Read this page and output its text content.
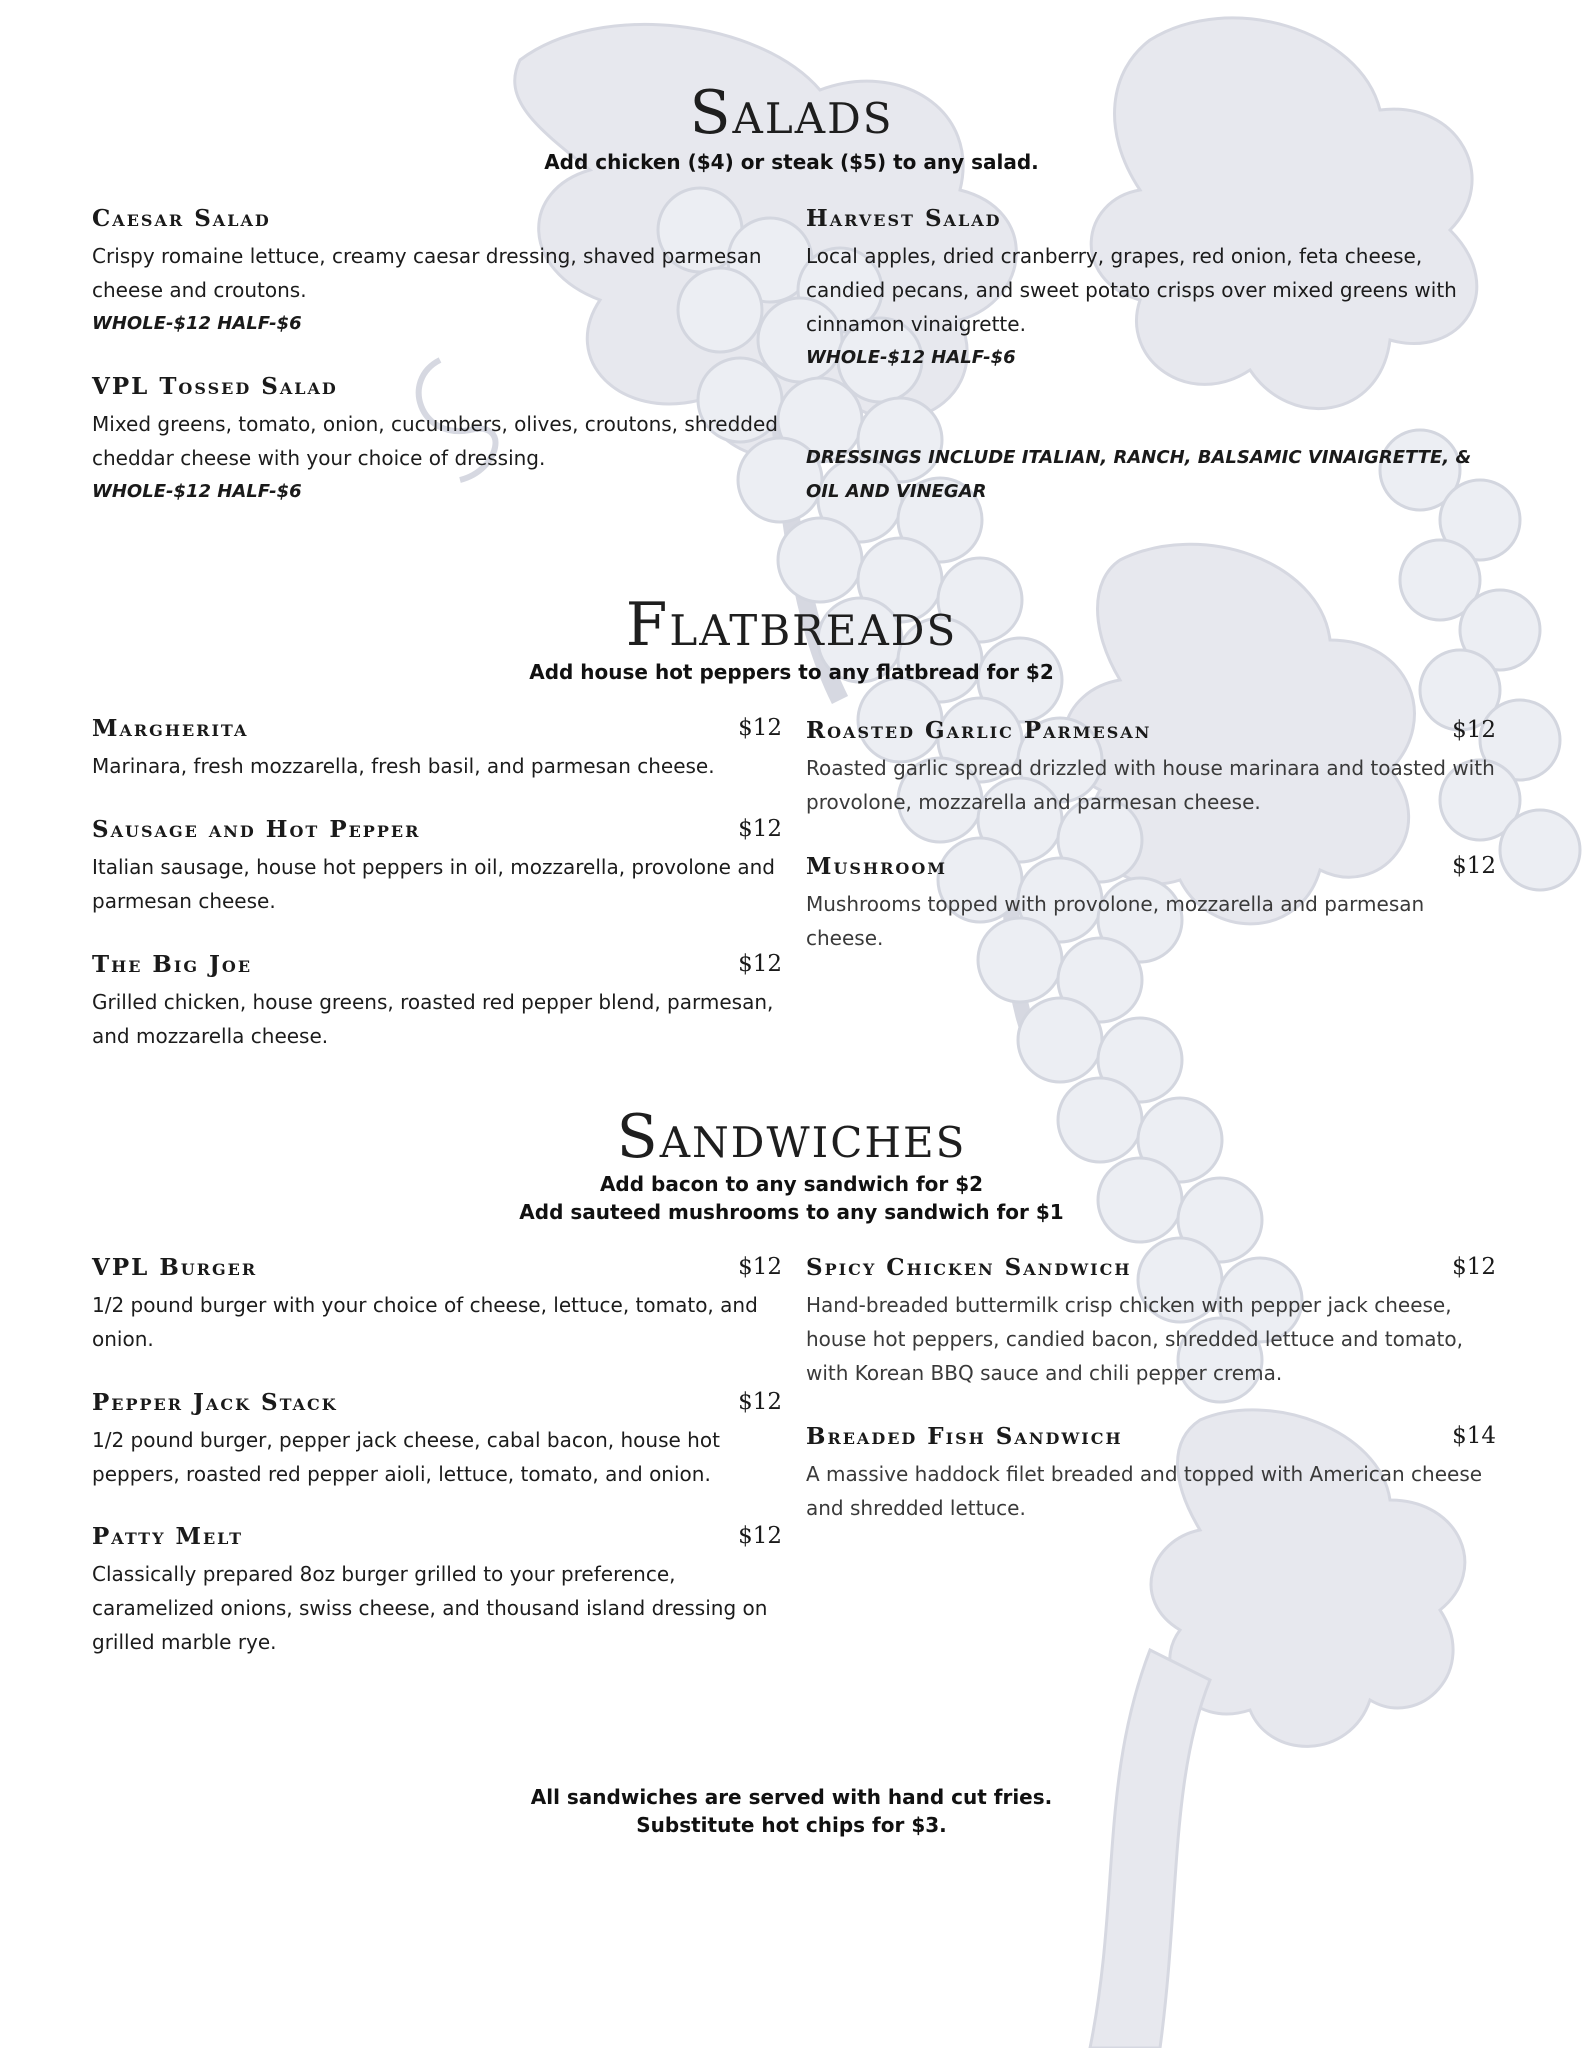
Salads
Add chicken ($4) or steak ($5) to any salad.
Caesar Salad

Crispy romaine lettuce, creamy caesar dressing, shaved parmesan cheese and croutons.

WHOLE-$12 HALF-$6
VPL Tossed Salad

Mixed greens, tomato, onion, cucumbers, olives, croutons, shredded cheddar cheese with your choice of dressing.

WHOLE-$12 HALF-$6
Harvest Salad

Local apples, dried cranberry, grapes, red onion, feta cheese, candied pecans, and sweet potato crisps over mixed greens with cinnamon vinaigrette.

WHOLE-$12 HALF-$6
DRESSINGS INCLUDE ITALIAN, RANCH, BALSAMIC VINAIGRETTE, & OIL AND VINEGAR
Flatbreads
Add house hot peppers to any flatbread for $2
Margherita	$12

Marinara, fresh mozzarella, fresh basil, and parmesan cheese.

Sausage and Hot Pepper	$12

Italian sausage, house hot peppers in oil, mozzarella, provolone and parmesan cheese.

The Big Joe	$12

Grilled chicken, house greens, roasted red pepper blend, parmesan, and mozzarella cheese.

Roasted Garlic Parmesan	$12

Roasted garlic spread drizzled with house marinara and toasted with provolone, mozzarella and parmesan cheese.

Mushroom	$12

Mushrooms topped with provolone, mozzarella and parmesan cheese.

Sandwiches
Add bacon to any sandwich for $2
Add sauteed mushrooms to any sandwich for $1
VPL Burger	$12

1/2 pound burger with your choice of cheese, lettuce, tomato, and onion.

Pepper Jack Stack	$12

1/2 pound burger, pepper jack cheese, cabal bacon, house hot peppers, roasted red pepper aioli, lettuce, tomato, and onion.

Patty Melt	$12

Classically prepared 8oz burger grilled to your preference, caramelized onions, swiss cheese, and thousand island dressing on grilled marble rye.

Spicy Chicken Sandwich	$12

Hand-breaded buttermilk crisp chicken with pepper jack cheese, house hot peppers, candied bacon, shredded lettuce and tomato, with Korean BBQ sauce and chili pepper crema.

Breaded Fish Sandwich	$14

A massive haddock filet breaded and topped with American cheese and shredded lettuce.

All sandwiches are served with hand cut fries.
Substitute hot chips for $3.
